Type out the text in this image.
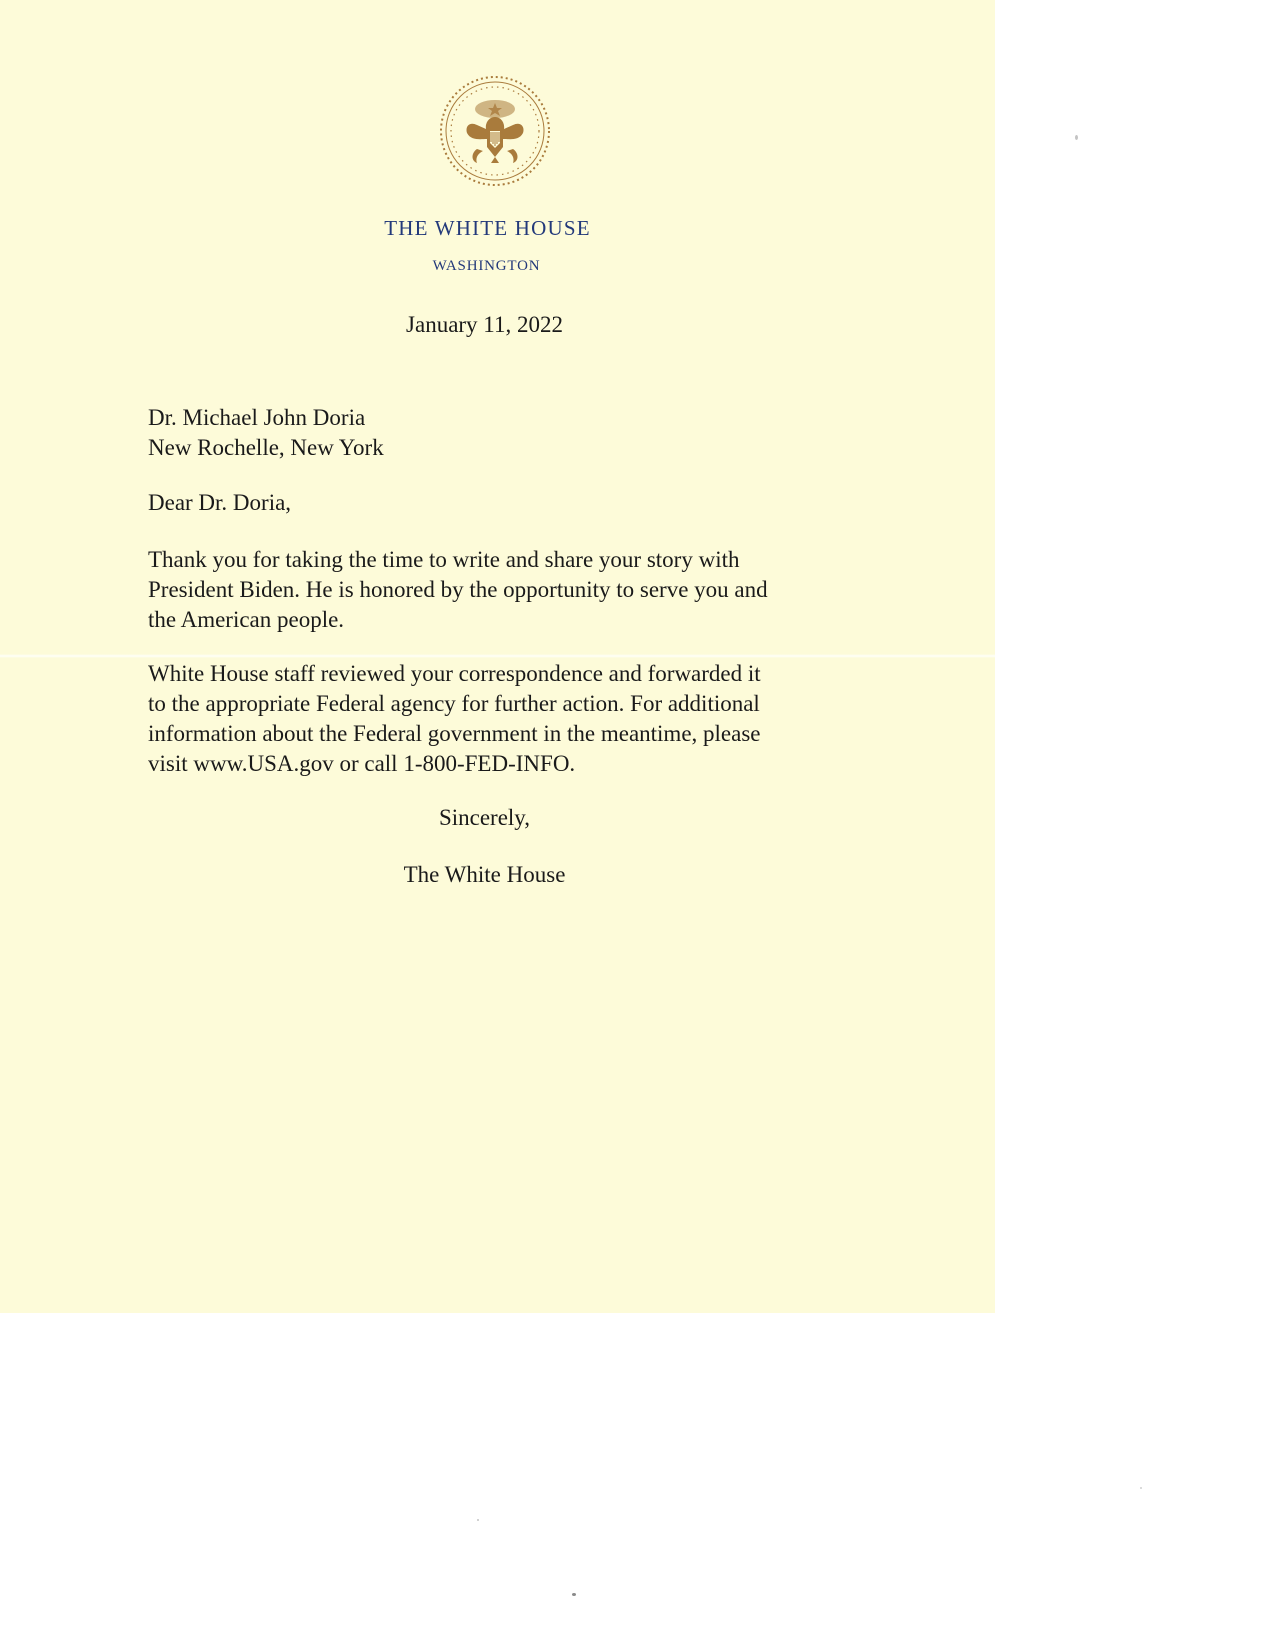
THE WHITE HOUSE
WASHINGTON
January 11, 2022
Dr. Michael John Doria
New Rochelle, New York
Dear Dr. Doria,

Thank you for taking the time to write and share your story with

President Biden. He is honored by the opportunity to serve you and

the American people.

White House staff reviewed your correspondence and forwarded it

to the appropriate Federal agency for further action. For additional

information about the Federal government in the meantime, please

visit www.USA.gov or call 1-800-FED-INFO.

Sincerely,
The White House
